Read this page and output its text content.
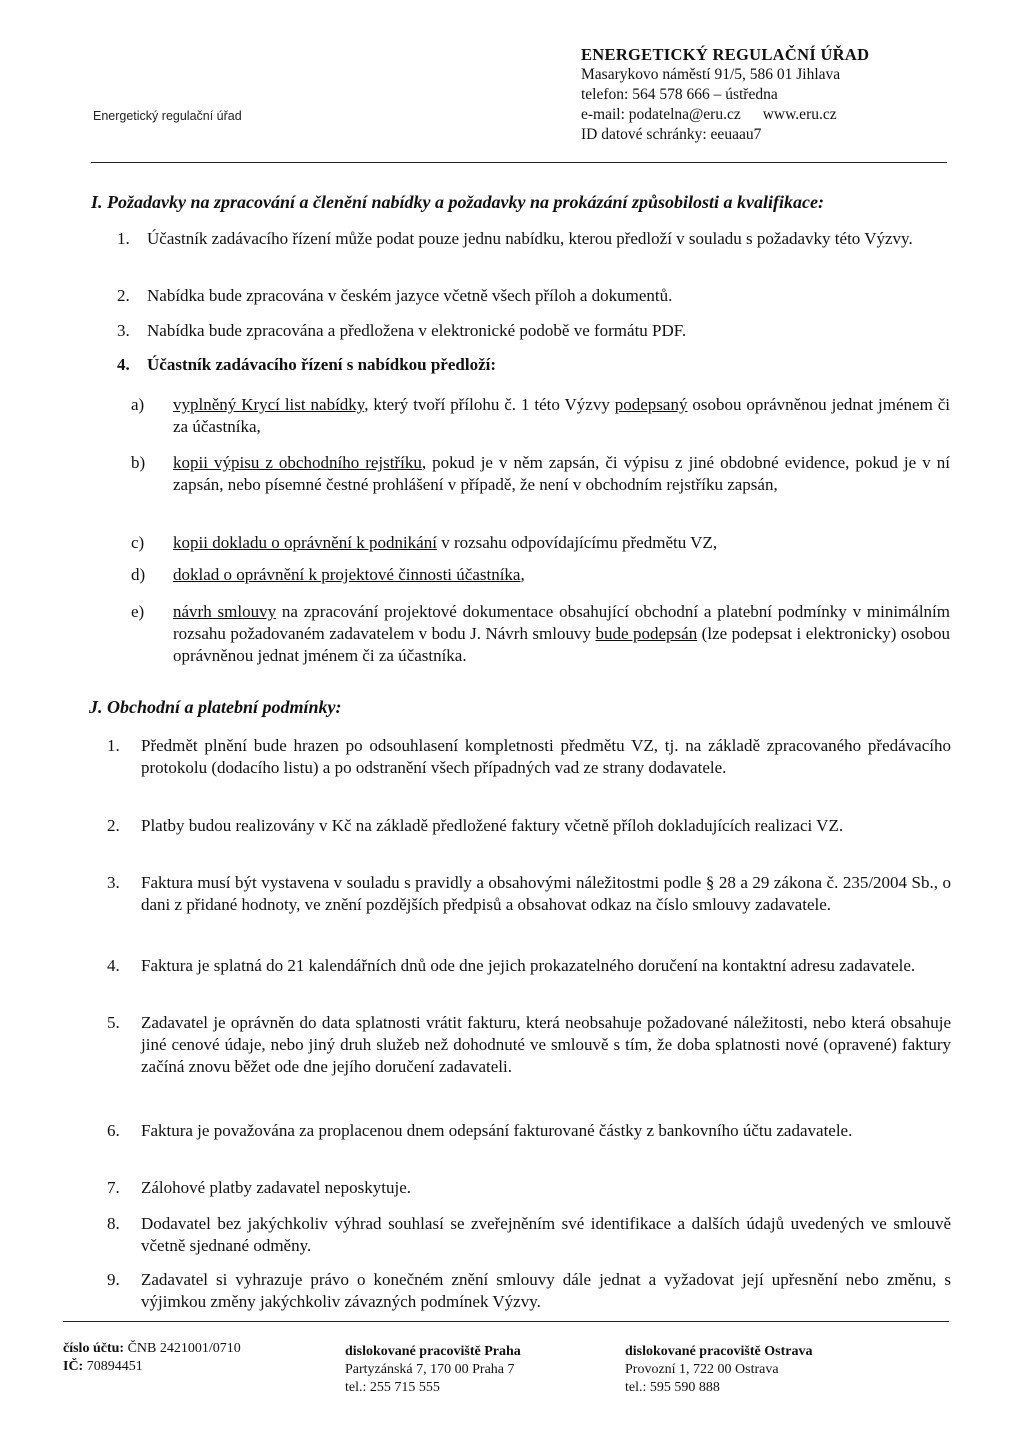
Energetický regulační úřad
ENERGETICKÝ REGULAČNÍ ÚŘAD
Masarykovo náměstí 91/5, 586 01 Jihlava
telefon: 564 578 666 – ústředna
e-mail: podatelna@eru.cz www.eru.cz
ID datové schránky: eeuaau7
I. Požadavky na zpracování a členění nabídky a požadavky na prokázání způsobilosti a kvalifikace:
1. Účastník zadávacího řízení může podat pouze jednu nabídku, kterou předloží v souladu s požadavky této Výzvy.
2. Nabídka bude zpracována v českém jazyce včetně všech příloh a dokumentů.
3. Nabídka bude zpracována a předložena v elektronické podobě ve formátu PDF.
4. Účastník zadávacího řízení s nabídkou předloží:
a) vyplněný Krycí list nabídky, který tvoří přílohu č. 1 této Výzvy podepsaný osobou oprávněnou jednat jménem či za účastníka,
b) kopii výpisu z obchodního rejstříku, pokud je v něm zapsán, či výpisu z jiné obdobné evidence, pokud je v ní zapsán, nebo písemné čestné prohlášení v případě, že není v obchodním rejstříku zapsán,
c) kopii dokladu o oprávnění k podnikání v rozsahu odpovídajícímu předmětu VZ,
d) doklad o oprávnění k projektové činnosti účastníka,
e) návrh smlouvy na zpracování projektové dokumentace obsahující obchodní a platební podmínky v minimálním rozsahu požadovaném zadavatelem v bodu J. Návrh smlouvy bude podepsán (lze podepsat i elektronicky) osobou oprávněnou jednat jménem či za účastníka.
J. Obchodní a platební podmínky:
1. Předmět plnění bude hrazen po odsouhlasení kompletnosti předmětu VZ, tj. na základě zpracovaného předávacího protokolu (dodacího listu) a po odstranění všech případných vad ze strany dodavatele.
2. Platby budou realizovány v Kč na základě předložené faktury včetně příloh dokladujících realizaci VZ.
3. Faktura musí být vystavena v souladu s pravidly a obsahovými náležitostmi podle § 28 a 29 zákona č. 235/2004 Sb., o dani z přidané hodnoty, ve znění pozdějších předpisů a obsahovat odkaz na číslo smlouvy zadavatele.
4. Faktura je splatná do 21 kalendářních dnů ode dne jejich prokazatelného doručení na kontaktní adresu zadavatele.
5. Zadavatel je oprávněn do data splatnosti vrátit fakturu, která neobsahuje požadované náležitosti, nebo která obsahuje jiné cenové údaje, nebo jiný druh služeb než dohodnuté ve smlouvě s tím, že doba splatnosti nové (opravené) faktury začíná znovu běžet ode dne jejího doručení zadavateli.
6. Faktura je považována za proplacenou dnem odepsání fakturované částky z bankovního účtu zadavatele.
7. Zálohové platby zadavatel neposkytuje.
8. Dodavatel bez jakýchkoliv výhrad souhlasí se zveřejněním své identifikace a dalších údajů uvedených ve smlouvě včetně sjednané odměny.
9. Zadavatel si vyhrazuje právo o konečném znění smlouvy dále jednat a vyžadovat její upřesnění nebo změnu, s výjimkou změny jakýchkoliv závazných podmínek Výzvy.
číslo účtu: ČNB 2421001/0710
IČ: 70894451
dislokované pracoviště Praha
Partyzánská 7, 170 00 Praha 7
tel.: 255 715 555
dislokované pracoviště Ostrava
Provozní 1, 722 00 Ostrava
tel.: 595 590 888
